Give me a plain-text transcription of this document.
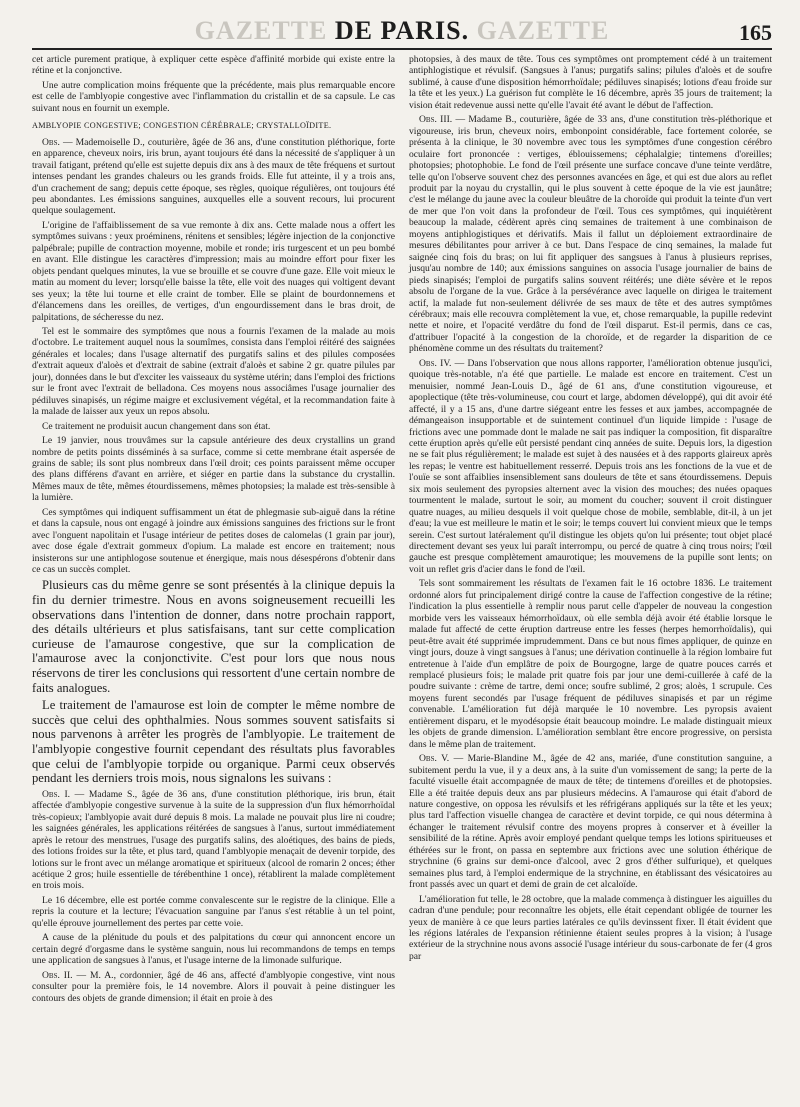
GAZETTE DE PARIS. GAZETTE	165

cet article purement pratique, à expliquer cette espèce d'affinité morbide qui existe entre la rétine et la conjonctive.

Une autre complication moins fréquente que la précédente, mais plus remarquable encore est celle de l'amblyopie congestive avec l'inflammation du cristallin et de sa capsule. Le cas suivant nous en fournit un exemple.

AMBLYOPIE CONGESTIVE; CONGESTION CÉRÉBRALE; CRYSTALLOÏDITE.

Obs. — Mademoiselle D., couturière, âgée de 36 ans, d'une constitution pléthorique, forte en apparence, cheveux noirs, iris brun, ayant toujours été dans la nécessité de s'appliquer à un travail fatigant, prétend qu'elle est sujette depuis dix ans à des maux de tête fréquens et surtout intenses pendant les grandes chaleurs ou les grands froids. Elle fut atteinte, il y a trois ans, d'un crachement de sang; depuis cette époque, ses règles, quoique régulières, ont toujours été peu abondantes. Les émissions sanguines, auxquelles elle a souvent recours, lui procurent quelque soulagement.

L'origine de l'affaiblissement de sa vue remonte à dix ans. Cette malade nous a offert les symptômes suivans : yeux proéminens, rénitens et sensibles; légère injection de la conjonctive palpébrale; pupille de contraction moyenne, mobile et ronde; iris turgescent et un peu bombé en avant. Elle distingue les caractères d'impression; mais au moindre effort pour fixer les objets pendant quelques minutes, la vue se brouille et se couvre d'une gaze. Elle voit mieux le matin au moment du lever; lorsqu'elle baisse la tête, elle voit des nuages qui voltigent devant ses yeux; la tête lui tourne et elle craint de tomber. Elle se plaint de bourdonnemens et d'élancemens dans les oreilles, de vertiges, d'un engourdissement dans le bras droit, de palpitations, de sécheresse du nez.

Tel est le sommaire des symptômes que nous a fournis l'examen de la malade au mois d'octobre. Le traitement auquel nous la soumîmes, consista dans l'emploi réitéré des saignées générales et locales; dans l'usage alternatif des purgatifs salins et des pilules composées d'extrait aqueux d'aloès et d'extrait de sabine (extrait d'aloès et sabine 2 gr. quatre pilules par jour), données dans le but d'exciter les vaisseaux du système utérin; dans l'emploi des frictions sur le front avec l'extrait de belladona. Ces moyens nous associâmes l'usage journalier des pédiluves sinapisés, un régime maigre et exclusivement végétal, et la recommandation faite à la malade de laisser aux yeux un repos absolu.

Ce traitement ne produisit aucun changement dans son état.

Le 19 janvier, nous trouvâmes sur la capsule antérieure des deux crystallins un grand nombre de petits points disséminés à sa surface, comme si cette membrane était aspersée de grains de sable; ils sont plus nombreux dans l'œil droit; ces points paraissent même occuper des plans différens d'avant en arrière, et siéger en partie dans la substance du crystallin. Mêmes maux de tête, mêmes étourdissemens, mêmes photopsies; la malade est très-sensible à la lumière.

Ces symptômes qui indiquent suffisamment un état de phlegmasie sub-aiguë dans la rétine et dans la capsule, nous ont engagé à joindre aux émissions sanguines des frictions sur le front avec l'onguent napolitain et l'usage intérieur de petites doses de calomelas (1 grain par jour), avec dose égale d'extrait gommeux d'opium. La malade est encore en traitement; nous insisterons sur une antiphlogose soutenue et énergique, mais nous désespérons d'obtenir dans ce cas un succès complet.

Plusieurs cas du même genre se sont présentés à la clinique depuis la fin du dernier trimestre. Nous en avons soigneusement recueilli les observations dans l'intention de donner, dans notre prochain rapport, des détails ultérieurs et plus satisfaisans, tant sur cette complication curieuse de l'amaurose congestive, que sur la complication de l'amaurose avec la conjonctivite. C'est pour lors que nous nous réservons de tirer les conclusions qui ressortent d'une certain nombre de faits analogues.

Le traitement de l'amaurose est loin de compter le même nombre de succès que celui des ophthalmies. Nous sommes souvent satisfaits si nous parvenons à arrêter les progrès de l'amblyopie. Le traitement de l'amblyopie congestive fournit cependant des résultats plus favorables que celui de l'amblyopie torpide ou organique. Parmi ceux observés pendant les derniers trois mois, nous signalons les suivans :

Obs. I. — Madame S., âgée de 36 ans, d'une constitution pléthorique, iris brun, était affectée d'amblyopie congestive survenue à la suite de la suppression d'un flux hémorrhoïdal très-copieux; l'amblyopie avait duré depuis 8 mois. La malade ne pouvait plus lire ni coudre; les saignées générales, les applications réitérées de sangsues à l'anus, surtout immédiatement après le retour des menstrues, l'usage des purgatifs salins, des aloétiques, des bains de pieds, des lotions froides sur la tête, et plus tard, quand l'amblyopie menaçait de devenir torpide, des lotions sur le front avec un mélange aromatique et spiritueux (alcool de romarin 2 onces; éther acétique 2 gros; huile essentielle de térébenthine 1 once), rétablirent la malade complètement en trois mois.

Le 16 décembre, elle est portée comme convalescente sur le registre de la clinique. Elle a repris la couture et la lecture; l'évacuation sanguine par l'anus s'est rétablie à un tel point, qu'elle éprouve journellement des pertes par cette voie.

A cause de la plénitude du pouls et des palpitations du cœur qui annoncent encore un certain degré d'orgasme dans le système sanguin, nous lui recommandons de temps en temps une application de sangsues à l'anus, et l'usage interne de la limonade sulfurique.

Obs. II. — M. A., cordonnier, âgé de 46 ans, affecté d'amblyopie congestive, vint nous consulter pour la première fois, le 14 novembre. Alors il pouvait à peine distinguer les contours des objets de grande dimension; il était en proie à des

photopsies, à des maux de tête. Tous ces symptômes ont promptement cédé à un traitement antiphlogistique et révulsif. (Sangsues à l'anus; purgatifs salins; pilules d'aloès et de soufre sublimé, à cause d'une disposition hémorrhoïdale; pédiluves sinapisés; lotions d'eau froide sur la tête et les yeux.) La guérison fut complète le 16 décembre, après 35 jours de traitement; la vision était redevenue aussi nette qu'elle l'avait été avant le début de l'affection.

Obs. III. — Madame B., couturière, âgée de 33 ans, d'une constitution très-pléthorique et vigoureuse, iris brun, cheveux noirs, embonpoint considérable, face fortement colorée, se présenta à la clinique, le 30 novembre avec tous les symptômes d'une congestion cérébro oculaire fort prononcée : vertiges, éblouissemens; céphalalgie; tintemens d'oreilles; photopsies; photophobie. Le fond de l'œil présente une surface concave d'une teinte verdâtre, telle qu'on l'observe souvent chez des personnes avancées en âge, et qui est due alors au reflet produit par la noyau du crystallin, qui le plus souvent à cette époque de la vie est jaunâtre; c'est le mélange du jaune avec la couleur bleuâtre de la choroïde qui produit la teinte d'un vert de mer que l'on voit dans la profondeur de l'œil. Tous ces symptômes, qui inquiétèrent beaucoup la malade, cédèrent après cinq semaines de traitement à une combinaison de moyens antiphlogistiques et dérivatifs. Mais il fallut un déploiement extraordinaire de mesures débilitantes pour arriver à ce but. Dans l'espace de cinq semaines, la malade fut saignée cinq fois du bras; on lui fit appliquer des sangsues à l'anus à plusieurs reprises, jusqu'au nombre de 140; aux émissions sanguines on associa l'usage journalier de bains de pieds sinapisés; l'emploi de purgatifs salins souvent réitérés; une diète sévère et le repos absolu de l'organe de la vue. Grâce à la persévérance avec laquelle on dirigea le traitement actif, la malade fut non-seulement délivrée de ses maux de tête et des autres symptômes cérébraux; mais elle recouvra complètement la vue, et, chose remarquable, la pupille redevint nette et noire, et l'opacité verdâtre du fond de l'œil disparut. Est-il permis, dans ce cas, d'attribuer l'opacité à la congestion de la choroïde, et de regarder la disparition de ce phénomène comme un des résultats du traitement?

Obs. IV. — Dans l'observation que nous allons rapporter, l'amélioration obtenue jusqu'ici, quoique très-notable, n'a été que partielle. Le malade est encore en traitement. C'est un menuisier, nommé Jean-Louis D., âgé de 61 ans, d'une constitution vigoureuse, et apoplectique (tête très-volumineuse, cou court et large, abdomen développé), qui dit avoir été affecté, il y a 15 ans, d'une dartre siégeant entre les fesses et aux jambes, accompagnée de démangeaison insupportable et de suintement continuel d'un liquide limpide : l'usage de frictions avec une pommade dont le malade ne sait pas indiquer la composition, fit disparaître cette éruption après qu'elle eût persisté pendant cinq années de suite. Depuis lors, la digestion ne se fait plus régulièrement; le malade est sujet à des nausées et à des rapports glaireux après les repas; le ventre est habituellement resserré. Depuis trois ans les fonctions de la vue et de l'ouïe se sont affaiblies insensiblement sans douleurs de tête et sans étourdissemens. Depuis six mois seulement des pyropsies alternent avec la vision des mouches; des nuées opaques tourmentent le malade, surtout le soir, au moment du coucher; souvent il croit distinguer quatre nuages, au milieu desquels il voit quelque chose de mobile, semblable, dit-il, à un jet d'eau; la vue est meilleure le matin et le soir; le temps couvert lui convient mieux que le temps serein. C'est surtout latéralement qu'il distingue les objets qu'on lui présente; tout objet placé directement devant ses yeux lui paraît interrompu, ou percé de quatre à cinq trous noirs; l'œil gauche est presque complètement amaurotique; les mouvemens de la pupille sont lents; on voit un reflet gris d'acier dans le fond de l'œil.

Tels sont sommairement les résultats de l'examen fait le 16 octobre 1836. Le traitement ordonné alors fut principalement dirigé contre la cause de l'affection congestive de la rétine; l'indication la plus essentielle à remplir nous parut celle d'appeler de nouveau la congestion morbide vers les vaisseaux hémorrhoïdaux, où elle sembla déjà avoir été établie lorsque le malade fut affecté de cette éruption dartreuse entre les fesses (herpes hemorrhoïdalis), qui peut-être avait été supprimée imprudemment. Dans ce but nous fîmes appliquer, de quinze en vingt jours, douze à vingt sangsues à l'anus; une dérivation continuelle à la région lombaire fut entretenue à l'aide d'un emplâtre de poix de Bourgogne, large de quatre pouces carrés et remplacé plusieurs fois; le malade prit quatre fois par jour une demi-cuillerée à café de la poudre suivante : crème de tartre, demi once; soufre sublimé, 2 gros; aloès, 1 scrupule. Ces moyens furent secondés par l'usage fréquent de pédiluves sinapisés et par un régime convenable. L'amélioration fut déjà marquée le 10 novembre. Les pyropsis avaient entièrement disparu, et le myodésopsie était beaucoup moindre. Le malade distinguait mieux les objets de grande dimension. L'amélioration semblant être encore progressive, on persista dans le même plan de traitement.

Obs. V. — Marie-Blandine M., âgée de 42 ans, mariée, d'une constitution sanguine, a subitement perdu la vue, il y a deux ans, à la suite d'un vomissement de sang; la perte de la faculté visuelle était accompagnée de maux de tête; de tintemens d'oreilles et de photopsies. Elle a été traitée depuis deux ans par plusieurs médecins. A l'amaurose qui était d'abord de nature congestive, on opposa les révulsifs et les réfrigérans appliqués sur la tête et les yeux; plus tard l'affection visuelle changea de caractère et devint torpide, ce qui nous détermina à échanger le traitement révulsif contre des moyens propres à conserver et à éveiller la sensibilité de la rétine. Après avoir employé pendant quelque temps les lotions spiritueuses et éthérées sur le front, on passa en septembre aux frictions avec une solution éthérique de strychnine (6 grains sur demi-once d'alcool, avec 2 gros d'éther sulfurique), et quelques semaines plus tard, à l'emploi endermique de la strychnine, en établissant des vésicatoires au front passés avec un quart et demi de grain de cet alcaloïde.

L'amélioration fut telle, le 28 octobre, que la malade commença à distinguer les aiguilles du cadran d'une pendule; pour reconnaître les objets, elle était cependant obligée de tourner les yeux de manière à ce que leurs parties latérales ce qu'ils devinssent fixer. Il était évident que les régions latérales de l'expansion rétinienne étaient seules propres à la vision; à l'usage extérieur de la strychnine nous avons associé l'usage intérieur du sous-carbonate de fer (4 gros par
